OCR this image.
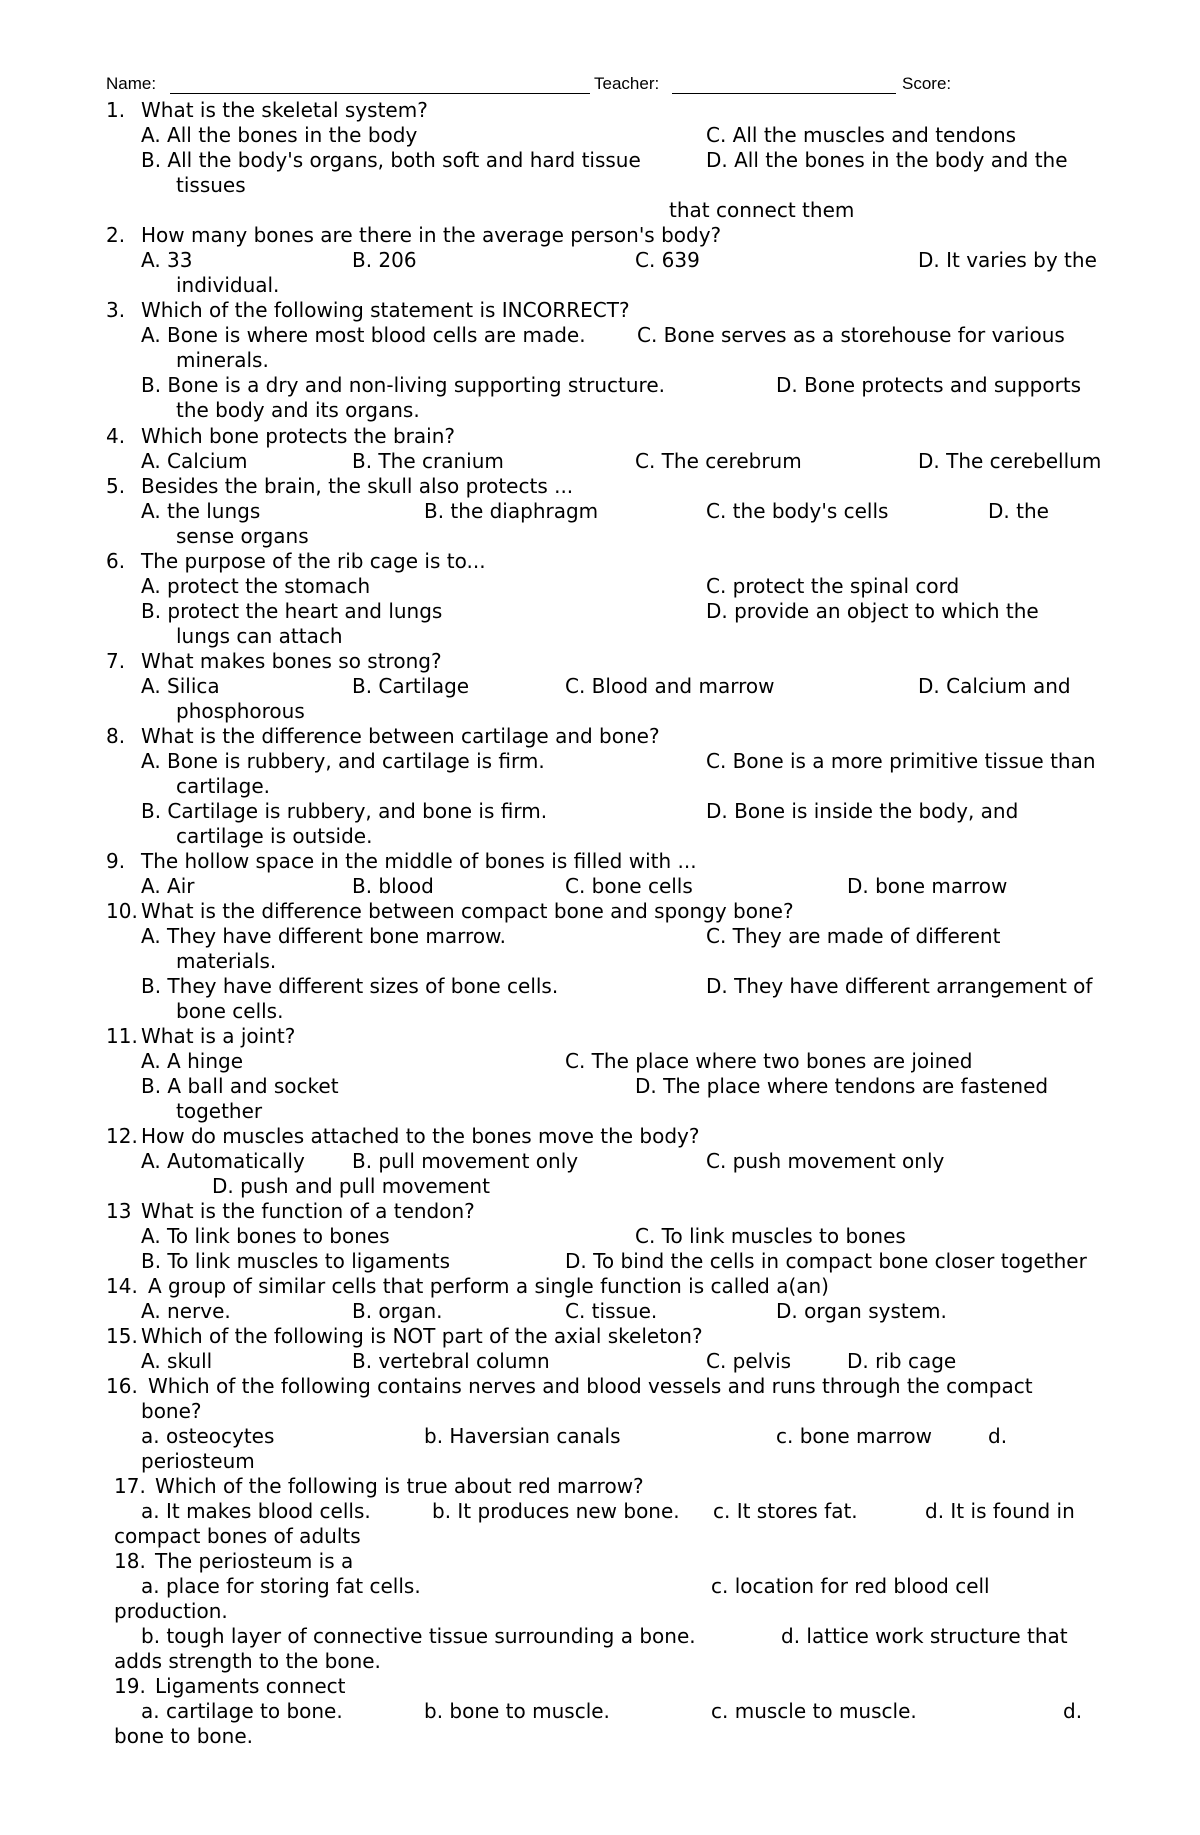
Name:	Teacher:	Score:
1. What is the skeletal system?
A. All the bones in the body	C. All the muscles and tendons
B. All the body's organs, both soft and hard tissue	D. All the bones in the body and the
tissues
that connect them
2. How many bones are there in the average person's body?
A. 33	B. 206	C. 639	D. It varies by the
individual.
3. Which of the following statement is INCORRECT?
A. Bone is where most blood cells are made.	C. Bone serves as a storehouse for various
minerals.
B. Bone is a dry and non-living supporting structure.	D. Bone protects and supports
the body and its organs.
4. Which bone protects the brain?
A. Calcium	B. The cranium	C. The cerebrum	D. The cerebellum
5. Besides the brain, the skull also protects ...
A. the lungs	B. the diaphragm	C. the body's cells	D. the
sense organs
6. The purpose of the rib cage is to...
A. protect the stomach	C. protect the spinal cord
B. protect the heart and lungs	D. provide an object to which the
lungs can attach
7. What makes bones so strong?
A. Silica	B. Cartilage	C. Blood and marrow	D. Calcium and
phosphorous
8. What is the difference between cartilage and bone?
A. Bone is rubbery, and cartilage is firm.	C. Bone is a more primitive tissue than
cartilage.
B. Cartilage is rubbery, and bone is firm.	D. Bone is inside the body, and
cartilage is outside.
9. The hollow space in the middle of bones is filled with ...
A. Air	B. blood	C. bone cells	D. bone marrow
10. What is the difference between compact bone and spongy bone?
A. They have different bone marrow.	C. They are made of different
materials.
B. They have different sizes of bone cells.	D. They have different arrangement of
bone cells.
11. What is a joint?
A. A hinge	C. The place where two bones are joined
B. A ball and socket	D. The place where tendons are fastened
together
12. How do muscles attached to the bones move the body?
A. Automatically B. pull movement only	C. push movement only
D. push and pull movement
13 What is the function of a tendon?
A. To link bones to bones	C. To link muscles to bones
B. To link muscles to ligaments	D. To bind the cells in compact bone closer together
14. A group of similar cells that perform a single function is called a(an)
A. nerve.	B. organ.	C. tissue.	D. organ system.
15. Which of the following is NOT part of the axial skeleton?
A. skull	B. vertebral column	C. pelvis	D. rib cage
16. Which of the following contains nerves and blood vessels and runs through the compact
bone?
a. osteocytes	b. Haversian canals	c. bone marrow	d.
periosteum
17. Which of the following is true about red marrow?
a. It makes blood cells.	b. It produces new bone. c. It stores fat.	d. It is found in
compact bones of adults
18. The periosteum is a
a. place for storing fat cells.	c. location for red blood cell
production.
b. tough layer of connective tissue surrounding a bone.	d. lattice work structure that
adds strength to the bone.
19. Ligaments connect
a. cartilage to bone.	b. bone to muscle.	c. muscle to muscle.	d.
bone to bone.
